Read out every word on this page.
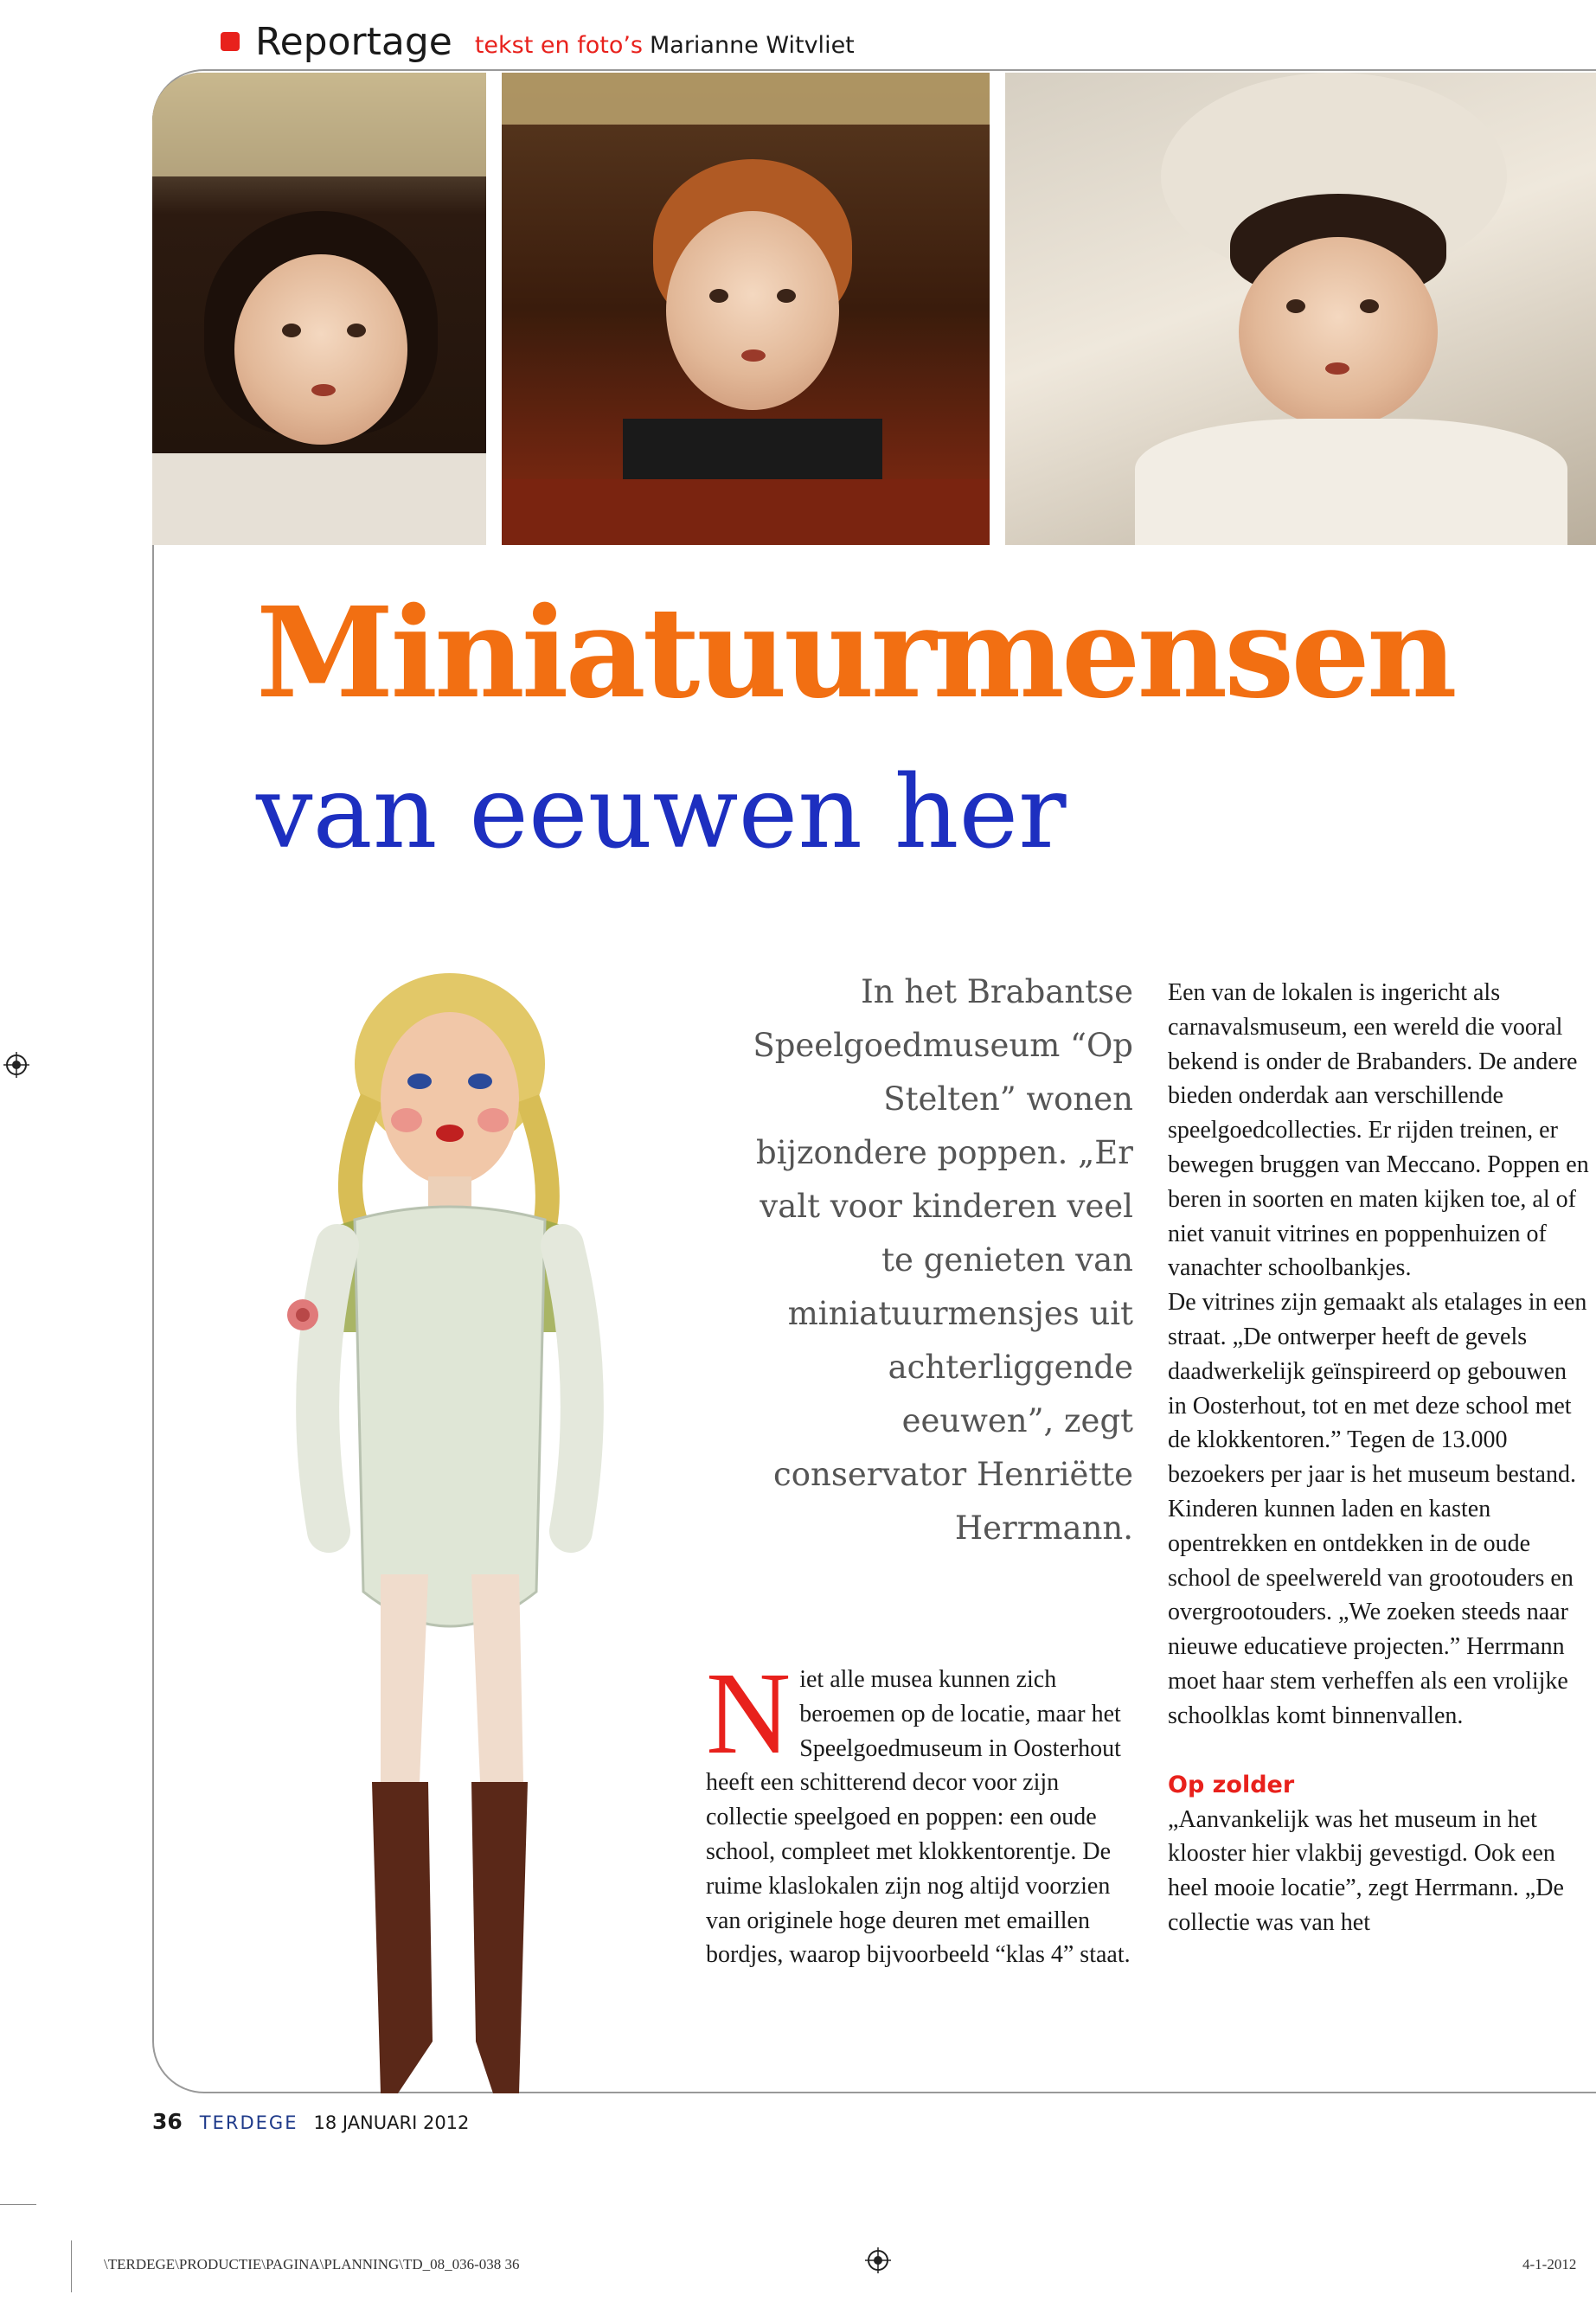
Reportage tekst en foto’s Marianne Witvliet
Miniatuurmensen
van eeuwen her
In het Brabantse Speelgoedmuseum “Op Stelten” wonen bijzondere poppen. „Er valt voor kinderen veel te genieten van miniatuurmensjes uit achterliggende eeuwen”, zegt conservator Henriëtte Herrmann.
N iet alle musea kunnen zich beroemen op de locatie, maar het Speelgoedmuseum in Oosterhout heeft een schitterend decor voor zijn collectie speelgoed en poppen: een oude school, compleet met klokkentorentje. De ruime klaslokalen zijn nog altijd voorzien van originele hoge deuren met emaillen bordjes, waarop bijvoorbeeld “klas 4” staat.

Een van de lokalen is ingericht als carnavalsmuseum, een wereld die vooral bekend is onder de Brabanders. De andere bieden onderdak aan verschillende speelgoedcollecties. Er rijden treinen, er bewegen bruggen van Meccano. Poppen en beren in soorten en maten kijken toe, al of niet vanuit vitrines en poppenhuizen of vanachter schoolbankjes.

De vitrines zijn gemaakt als etalages in een straat. „De ontwerper heeft de gevels daadwerkelijk geïnspireerd op gebouwen in Oosterhout, tot en met deze school met de klokkentoren.” Tegen de 13.000 bezoekers per jaar is het museum bestand. Kinderen kunnen laden en kasten opentrekken en ontdekken in de oude school de speelwereld van grootouders en overgrootouders. „We zoeken steeds naar nieuwe educatieve projecten.” Herrmann moet haar stem verheffen als een vrolijke schoolklas komt binnenvallen.

Op zolder

„Aanvankelijk was het museum in het klooster hier vlakbij gevestigd. Ook een heel mooie locatie”, zegt Herrmann. „De collectie was van het

36 TERDEGE 18 JANUARI 2012
\TERDEGE\PRODUCTIE\PAGINA\PLANNING\TD_08_036-038 36	4-1-2012
